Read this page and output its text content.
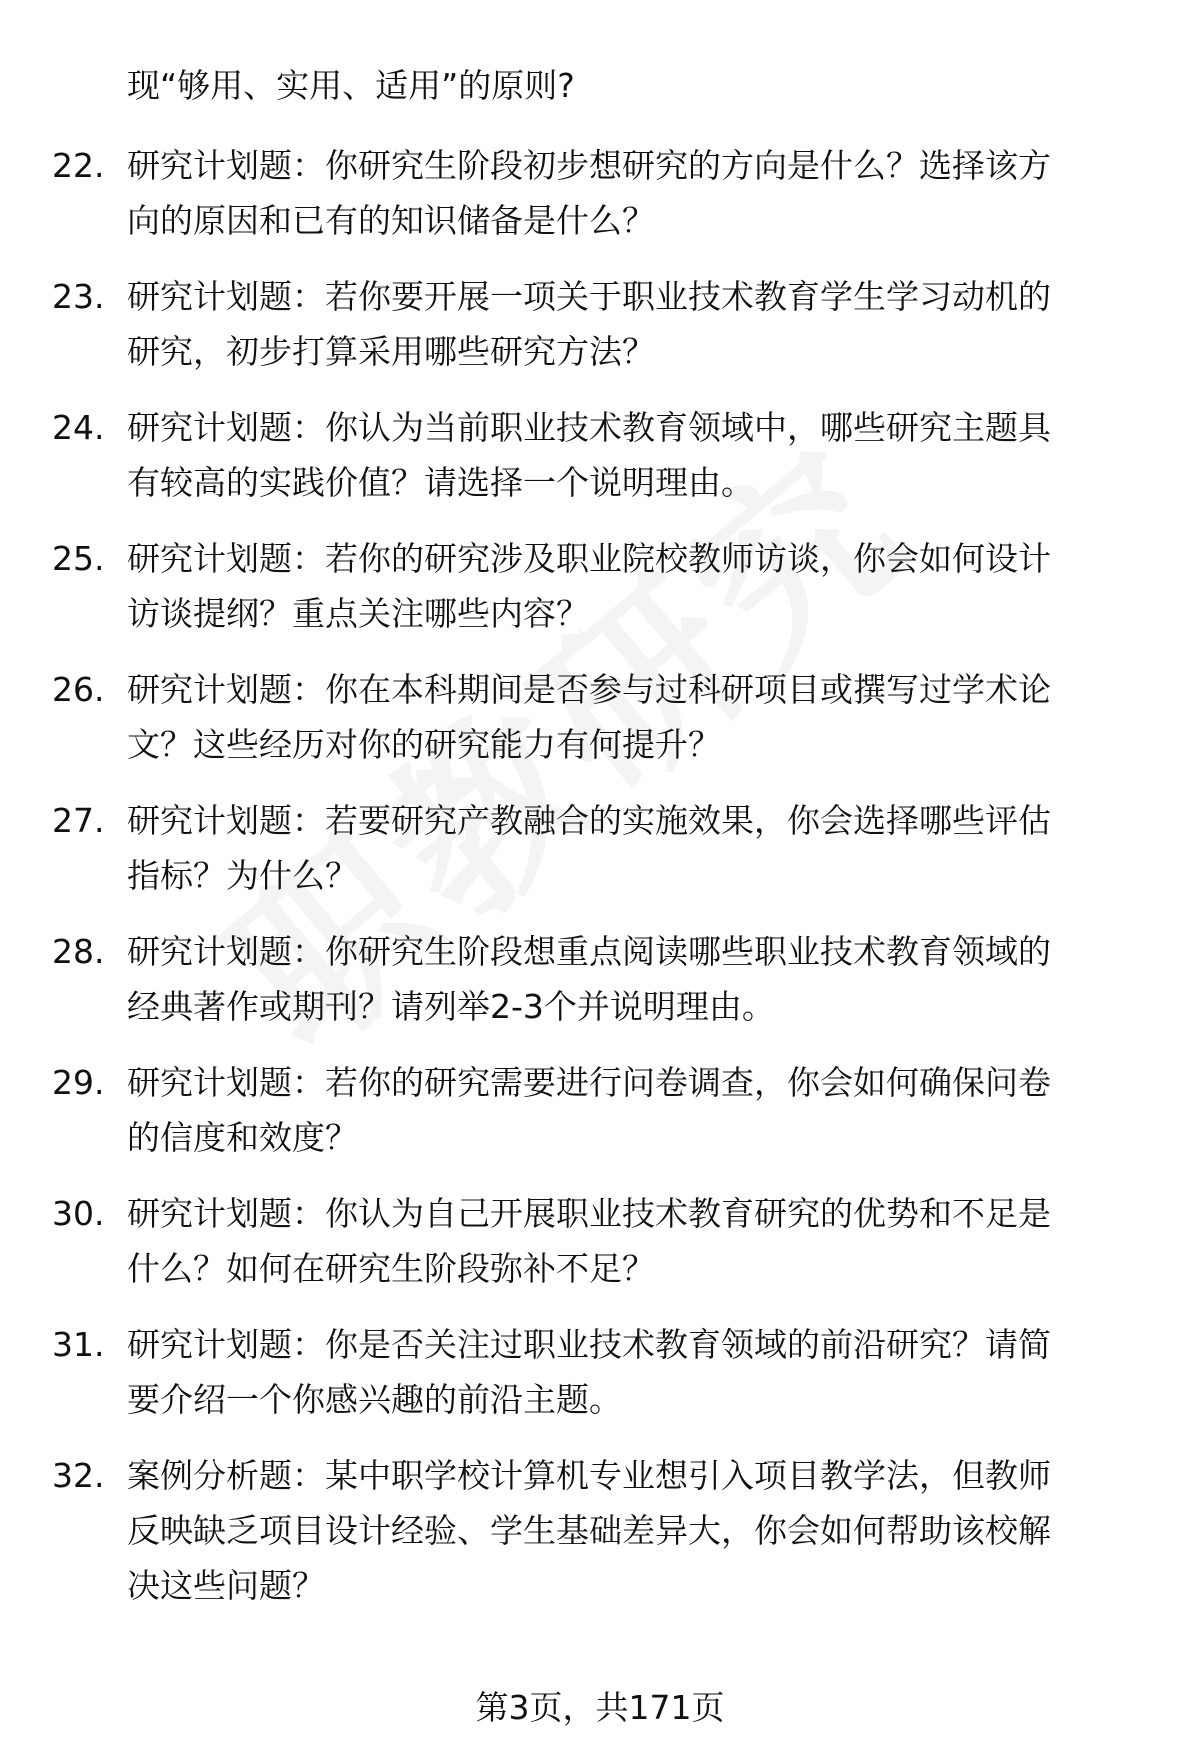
现“够用、实用、适用”的原则?
22. 研究计划题：你研究生阶段初步想研究的方向是什么？选择该方
向的原因和已有的知识储备是什么？
23. 研究计划题：若你要开展一项关于职业技术教育学生学习动机的
研究，初步打算采用哪些研究方法？
24. 研究计划题：你认为当前职业技术教育领域中，哪些研究主题具
有较高的实践价值？请选择一个说明理由。
25. 研究计划题：若你的研究涉及职业院校教师访谈，你会如何设计
访谈提纲？重点关注哪些内容？
26. 研究计划题：你在本科期间是否参与过科研项目或撰写过学术论
文？这些经历对你的研究能力有何提升？
27. 研究计划题：若要研究产教融合的实施效果，你会选择哪些评估
指标？为什么？
28. 研究计划题：你研究生阶段想重点阅读哪些职业技术教育领域的
经典著作或期刊？请列举2-3个并说明理由。
29. 研究计划题：若你的研究需要进行问卷调查，你会如何确保问卷
的信度和效度？
30. 研究计划题：你认为自己开展职业技术教育研究的优势和不足是
什么？如何在研究生阶段弥补不足？
31. 研究计划题：你是否关注过职业技术教育领域的前沿研究？请简
要介绍一个你感兴趣的前沿主题。
32. 案例分析题：某中职学校计算机专业想引入项目教学法，但教师
反映缺乏项目设计经验、学生基础差异大，你会如何帮助该校解
决这些问题？
第3页，共171页
